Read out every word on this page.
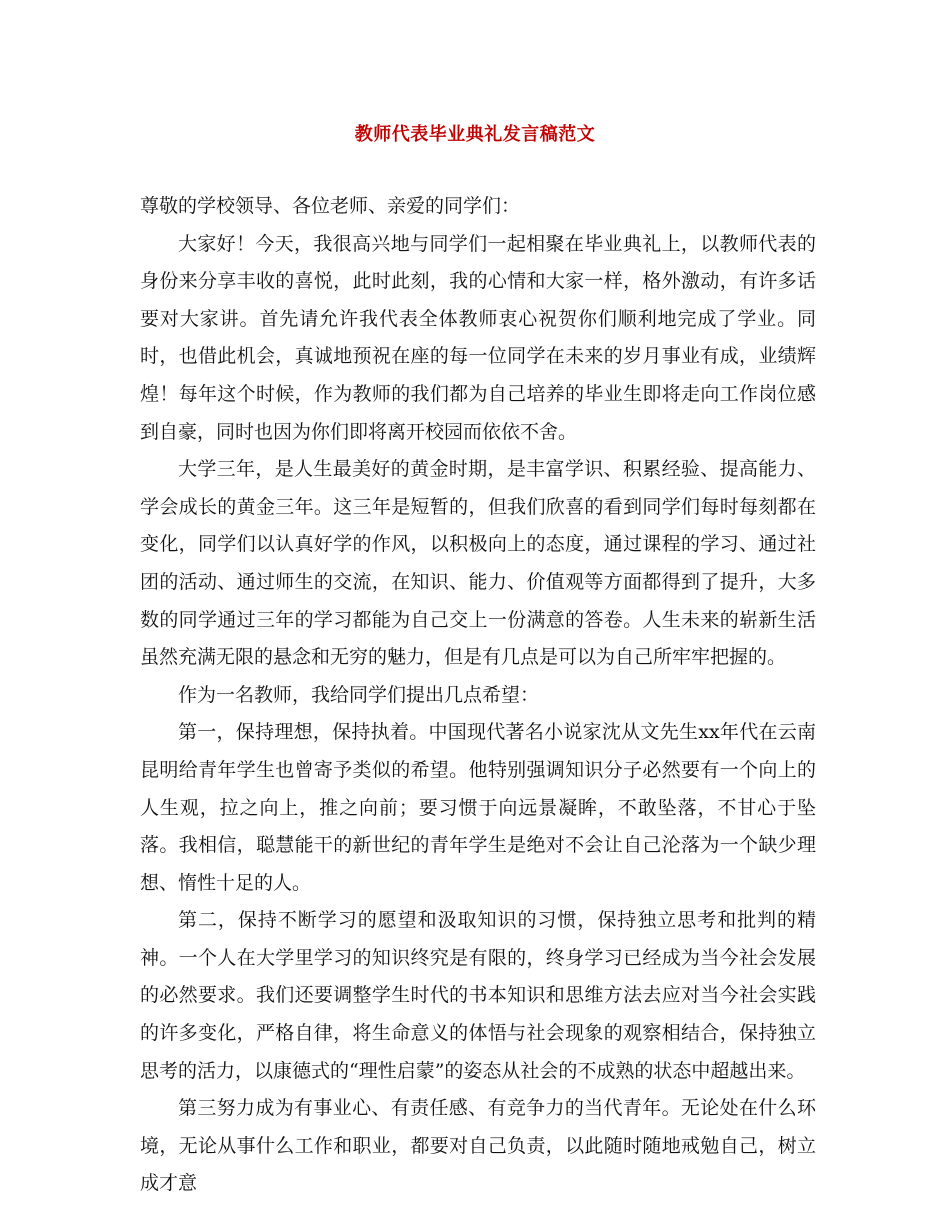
教师代表毕业典礼发言稿范文

尊敬的学校领导、各位老师、亲爱的同学们：

大家好！今天，我很高兴地与同学们一起相聚在毕业典礼上，以教师代表的身份来分享丰收的喜悦，此时此刻，我的心情和大家一样，格外激动，有许多话要对大家讲。首先请允许我代表全体教师衷心祝贺你们顺利地完成了学业。同时，也借此机会，真诚地预祝在座的每一位同学在未来的岁月事业有成，业绩辉煌！每年这个时候，作为教师的我们都为自己培养的毕业生即将走向工作岗位感到自豪，同时也因为你们即将离开校园而依依不舍。

大学三年，是人生最美好的黄金时期，是丰富学识、积累经验、提高能力、学会成长的黄金三年。这三年是短暂的，但我们欣喜的看到同学们每时每刻都在变化，同学们以认真好学的作风，以积极向上的态度，通过课程的学习、通过社团的活动、通过师生的交流，在知识、能力、价值观等方面都得到了提升，大多数的同学通过三年的学习都能为自己交上一份满意的答卷。人生未来的崭新生活虽然充满无限的悬念和无穷的魅力，但是有几点是可以为自己所牢牢把握的。

作为一名教师，我给同学们提出几点希望：

第一，保持理想，保持执着。中国现代著名小说家沈从文先生xx年代在云南昆明给青年学生也曾寄予类似的希望。他特别强调知识分子必然要有一个向上的人生观，拉之向上，推之向前；要习惯于向远景凝眸，不敢坠落，不甘心于坠落。我相信，聪慧能干的新世纪的青年学生是绝对不会让自己沦落为一个缺少理想、惰性十足的人。

第二，保持不断学习的愿望和汲取知识的习惯，保持独立思考和批判的精神。一个人在大学里学习的知识终究是有限的，终身学习已经成为当今社会发展的必然要求。我们还要调整学生时代的书本知识和思维方法去应对当今社会实践的许多变化，严格自律，将生命意义的体悟与社会现象的观察相结合，保持独立思考的活力，以康德式的“理性启蒙”的姿态从社会的不成熟的状态中超越出来。

第三努力成为有事业心、有责任感、有竞争力的当代青年。无论处在什么环境，无论从事什么工作和职业，都要对自己负责，以此随时随地戒勉自己，树立成才意
